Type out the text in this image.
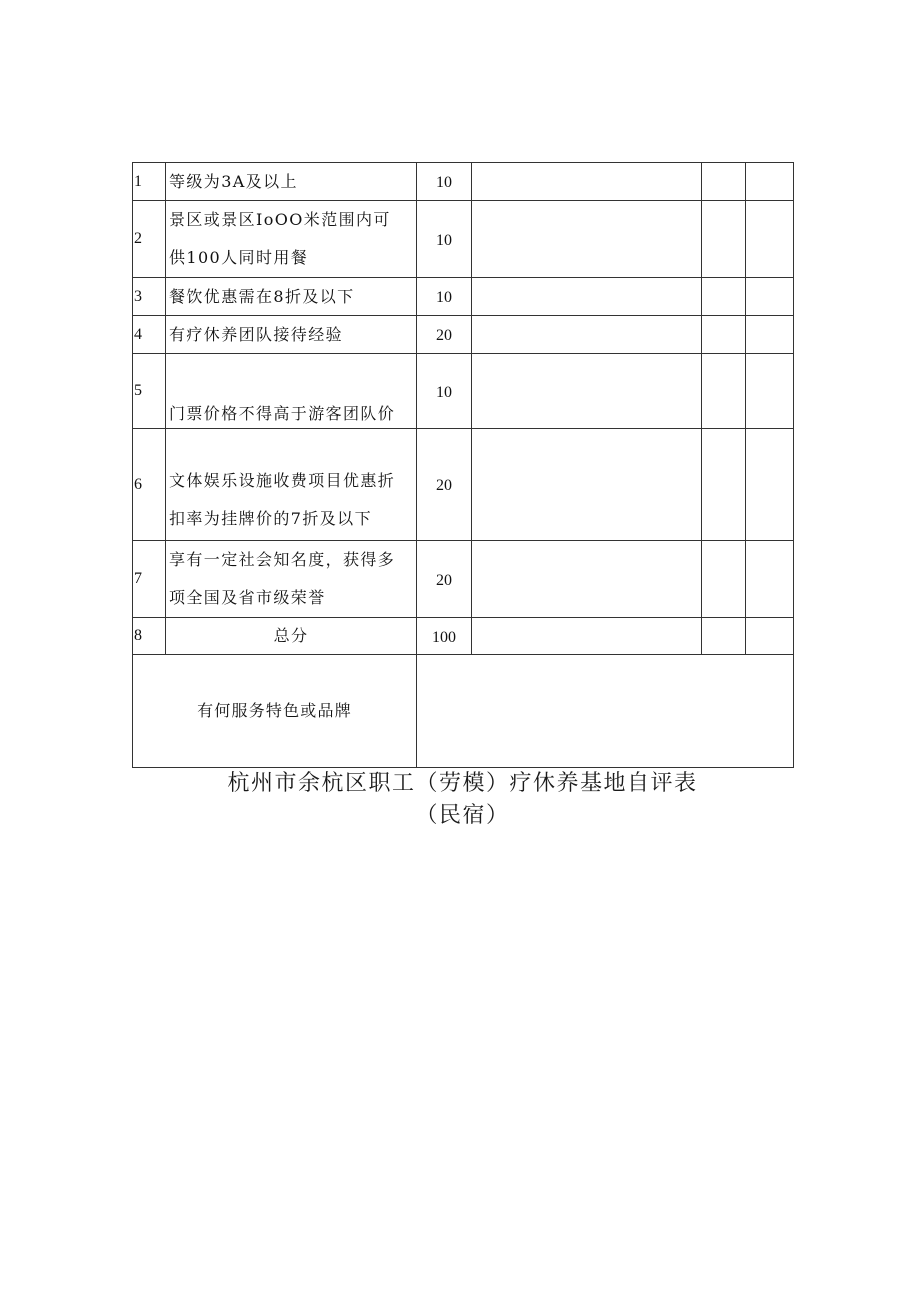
1	等级为3A及以上	10			
2	景区或景区IoOO米范围内可
供100人同时用餐	10			
3	餐饮优惠需在8折及以下	10			
4	有疗休养团队接待经验	20			
5	门票价格不得高于游客团队价	10			
6	文体娱乐设施收费项目优惠折
扣率为挂牌价的7折及以下	20			
7	享有一定社会知名度，获得多
项全国及省市级荣誉	20			
8	总分	100			
有何服务特色或品牌					
杭州市余杭区职工（劳模）疗休养基地自评表
（民宿）
